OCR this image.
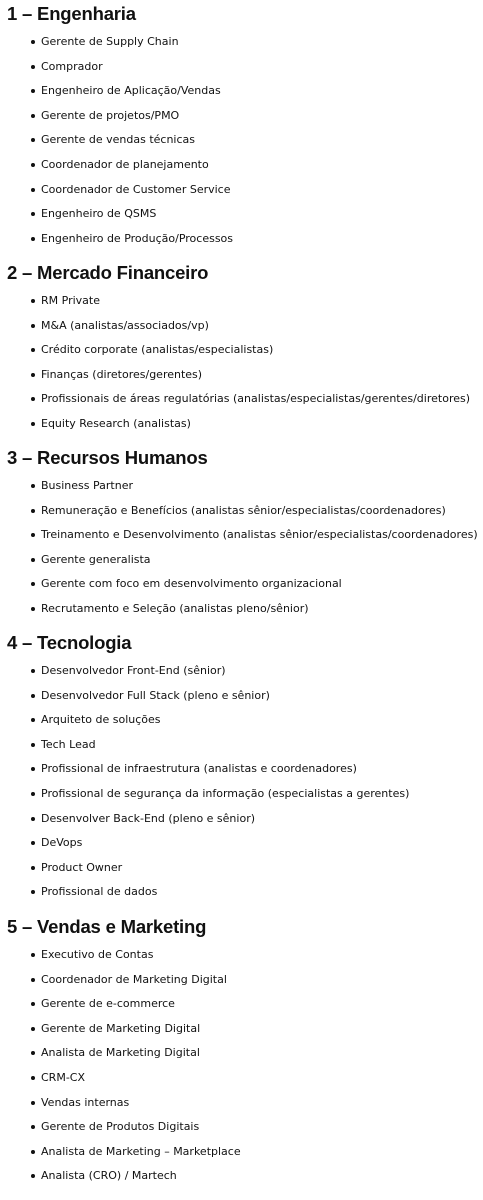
1 – Engenharia
Gerente de Supply Chain
Comprador
Engenheiro de Aplicação/Vendas
Gerente de projetos/PMO
Gerente de vendas técnicas
Coordenador de planejamento
Coordenador de Customer Service
Engenheiro de QSMS
Engenheiro de Produção/Processos
2 – Mercado Financeiro
RM Private
M&A (analistas/associados/vp)
Crédito corporate (analistas/especialistas)
Finanças (diretores/gerentes)
Profissionais de áreas regulatórias (analistas/especialistas/gerentes/diretores)
Equity Research (analistas)
3 – Recursos Humanos
Business Partner
Remuneração e Benefícios (analistas sênior/especialistas/coordenadores)
Treinamento e Desenvolvimento (analistas sênior/especialistas/coordenadores)
Gerente generalista
Gerente com foco em desenvolvimento organizacional
Recrutamento e Seleção (analistas pleno/sênior)
4 – Tecnologia
Desenvolvedor Front-End (sênior)
Desenvolvedor Full Stack (pleno e sênior)
Arquiteto de soluções
Tech Lead
Profissional de infraestrutura (analistas e coordenadores)
Profissional de segurança da informação (especialistas a gerentes)
Desenvolver Back-End (pleno e sênior)
DeVops
Product Owner
Profissional de dados
5 – Vendas e Marketing
Executivo de Contas
Coordenador de Marketing Digital
Gerente de e-commerce
Gerente de Marketing Digital
Analista de Marketing Digital
CRM-CX
Vendas internas
Gerente de Produtos Digitais
Analista de Marketing – Marketplace
Analista (CRO) / Martech
